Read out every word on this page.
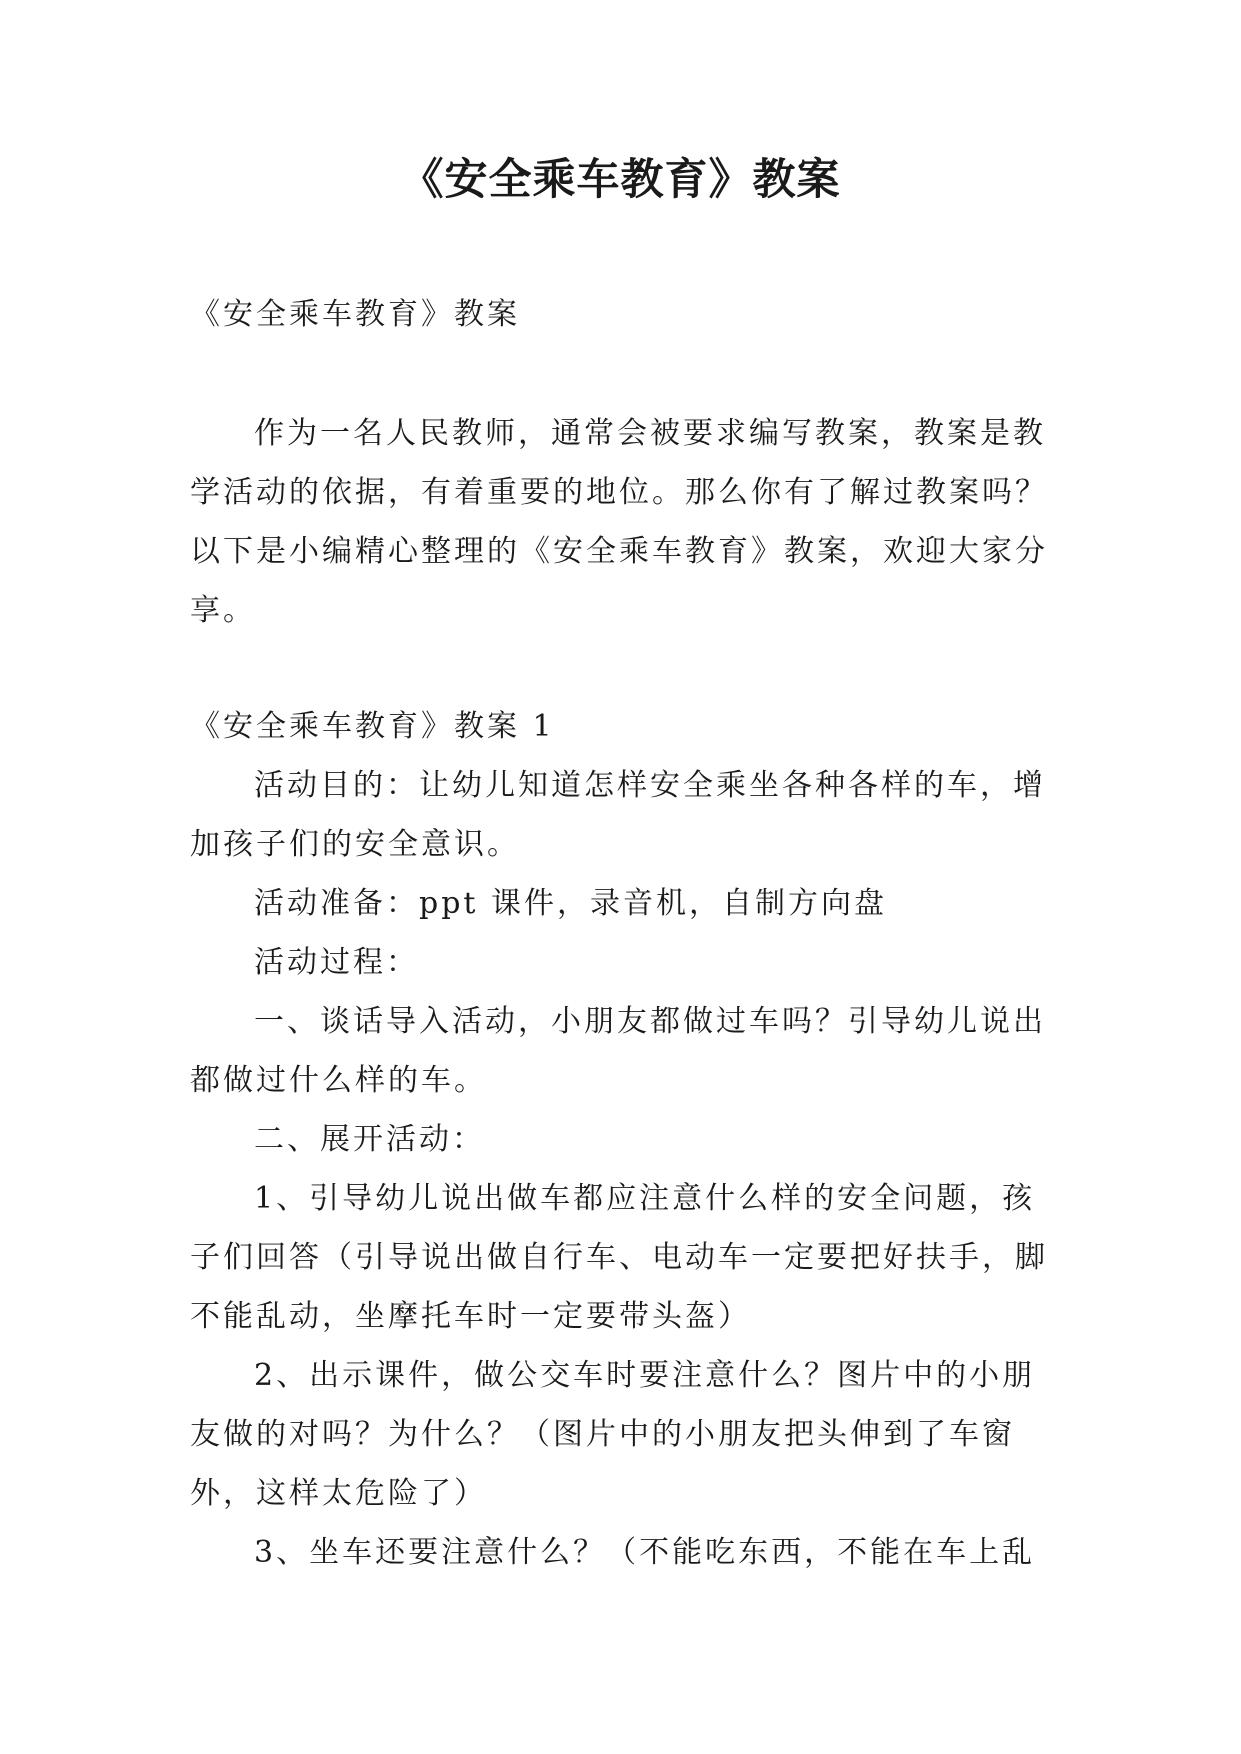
《安全乘车教育》教案

《安全乘车教育》教案

作为一名人民教师，通常会被要求编写教案，教案是教学活动的依据，有着重要的地位。那么你有了解过教案吗？以下是小编精心整理的《安全乘车教育》教案，欢迎大家分享。

《安全乘车教育》教案 1

活动目的：让幼儿知道怎样安全乘坐各种各样的车，增加孩子们的安全意识。

活动准备：ppt 课件，录音机，自制方向盘

活动过程：

一、谈话导入活动，小朋友都做过车吗？引导幼儿说出都做过什么样的车。

二、展开活动：

1、引导幼儿说出做车都应注意什么样的安全问题，孩子们回答（引导说出做自行车、电动车一定要把好扶手，脚不能乱动，坐摩托车时一定要带头盔）

2、出示课件，做公交车时要注意什么？图片中的小朋友做的对吗？为什么？（图片中的小朋友把头伸到了车窗外，这样太危险了）

3、坐车还要注意什么？（不能吃东西，不能在车上乱
